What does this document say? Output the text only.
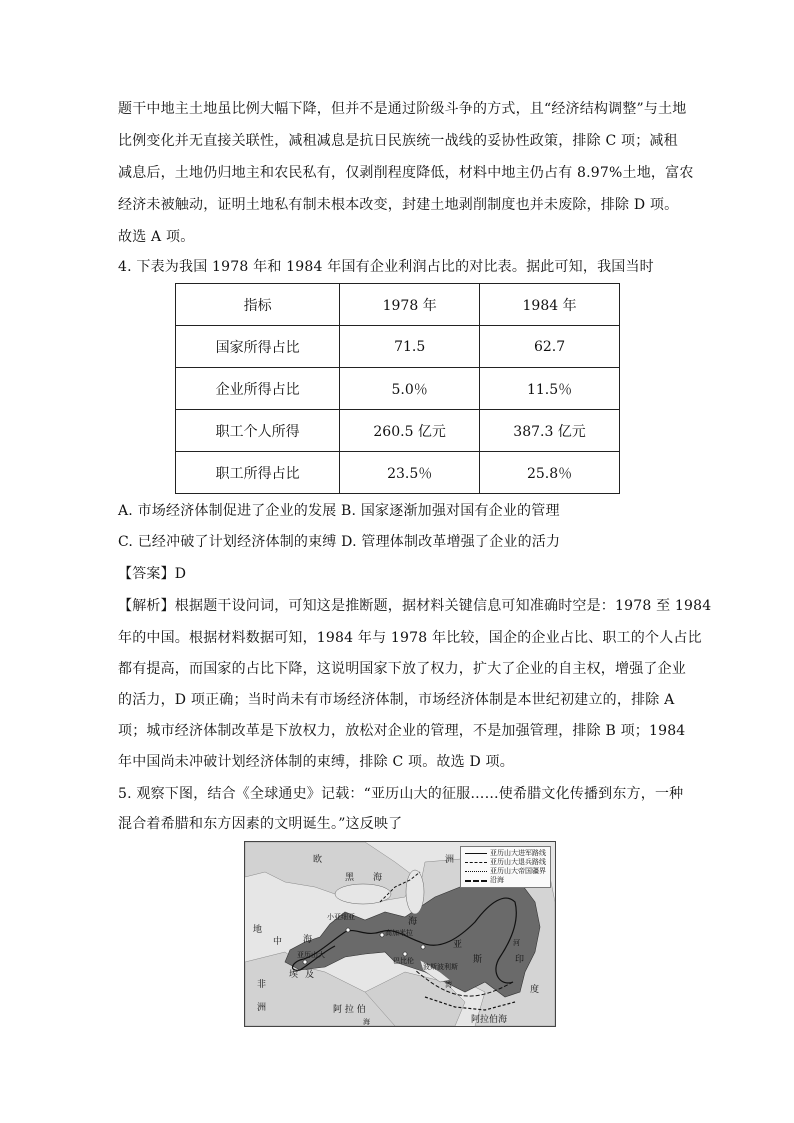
题干中地主土地虽比例大幅下降，但并不是通过阶级斗争的方式，且“经济结构调整”与土地
比例变化并无直接关联性，减租减息是抗日民族统一战线的妥协性政策，排除 C 项；减租
减息后，土地仍归地主和农民私有，仅剥削程度降低，材料中地主仍占有 8.97%土地，富农
经济未被触动，证明土地私有制未根本改变，封建土地剥削制度也并未废除，排除 D 项。
故选 A 项。
4. 下表为我国 1978 年和 1984 年国有企业利润占比的对比表。据此可知，我国当时
指标	1978 年	1984 年
国家所得占比	71.5	62.7
企业所得占比	5.0％	11.5％
职工个人所得	260.5 亿元	387.3 亿元
职工所得占比	23.5％	25.8％
A. 市场经济体制促进了企业的发展 B. 国家逐渐加强对国有企业的管理
C. 已经冲破了计划经济体制的束缚 D. 管理体制改革增强了企业的活力
【答案】D
【解析】根据题干设问词，可知这是推断题，据材料关键信息可知准确时空是：1978 至 1984
年的中国。根据材料数据可知，1984 年与 1978 年比较，国企的企业占比、职工的个人占比
都有提高，而国家的占比下降，这说明国家下放了权力，扩大了企业的自主权，增强了企业
的活力，D 项正确；当时尚未有市场经济体制，市场经济体制是本世纪初建立的，排除 A
项；城市经济体制改革是下放权力，放松对企业的管理，不是加强管理，排除 B 项；1984
年中国尚未冲破计划经济体制的束缚，排除 C 项。故选 D 项。
5. 观察下图，结合《全球通史》记载：“亚历山大的征服……使希腊文化传播到东方，一种
混合着希腊和东方因素的文明诞生。”这反映了
亚历山大进军路线
亚历山大退兵路线
亚历山大帝国疆界
沿海
欧	洲
黑 海
海
地
中 海	亚
斯
非
洲
埃 及
阿 拉 伯
阿拉伯海
印
度
亚历山大
巴比伦
波斯波利斯
高加米拉
小亚细亚
湾
海
河
